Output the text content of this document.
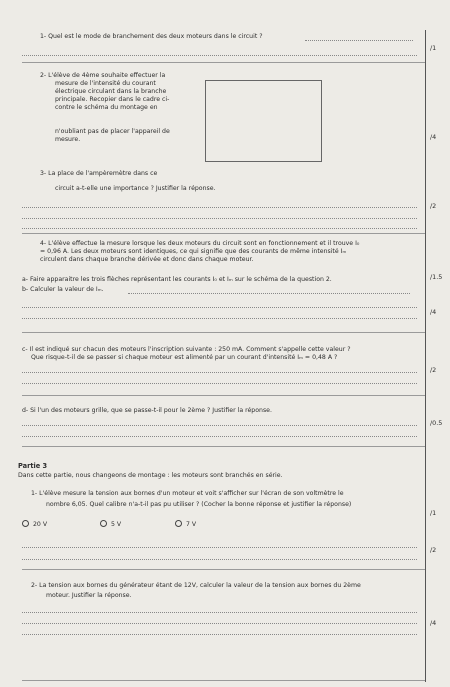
1- Quel est le mode de branchement des deux moteurs dans le circuit ?
/1
2- L'élève de 4ème souhaite effectuer la
mesure de l'intensité du courant
électrique circulant dans la branche
principale. Recopier dans le cadre ci-
contre le schéma du montage en
n'oubliant pas de placer l'appareil de
mesure.	/4
3- La place de l'ampèremètre dans ce
circuit a-t-elle une importance ? Justifier la réponse.
/2
4- L'élève effectue la mesure lorsque les deux moteurs du circuit sont en fonctionnement et il trouve I₀
= 0,96 A. Les deux moteurs sont identiques, ce qui signifie que des courants de même intensité Iₘ
circulent dans chaque branche dérivée et donc dans chaque moteur.
a- Faire apparaitre les trois flèches représentant les courants I₀ et Iₘ sur le schéma de la question 2.	/1.5
b- Calculer la valeur de Iₘ.
/4
c- Il est indiqué sur chacun des moteurs l'inscription suivante : 250 mA. Comment s'appelle cette valeur ?
Que risque-t-il de se passer si chaque moteur est alimenté par un courant d'intensité Iₘ = 0,48 A ?
/2
d- Si l'un des moteurs grille, que se passe-t-il pour le 2ème ? Justifier la réponse.
/0.5
Partie 3
Dans cette partie, nous changeons de montage : les moteurs sont branchés en série.
1- L'élève mesure la tension aux bornes d'un moteur et voit s'afficher sur l'écran de son voltmètre le
nombre 6,05. Quel calibre n'a-t-il pas pu utiliser ? (Cocher la bonne réponse et justifier la réponse)
/1
20 V	5 V	7 V
/2
2- La tension aux bornes du générateur étant de 12V, calculer la valeur de la tension aux bornes du 2ème
moteur. Justifier la réponse.
/4
